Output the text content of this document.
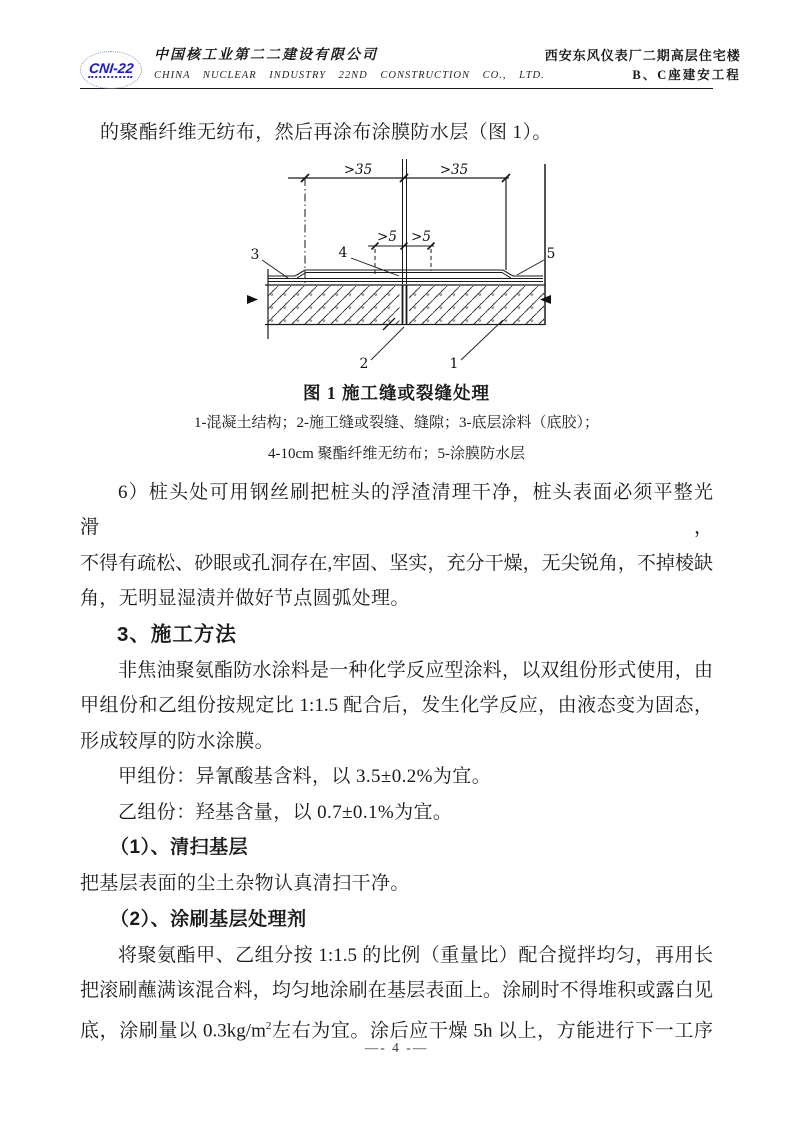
CNI-22
中国核工业第二二建设有限公司
CHINA NUCLEAR INDUSTRY 22ND CONSTRUCTION CO., LTD.
西安东风仪表厂二期高层住宅楼
B、C座建安工程
的聚酯纤维无纺布，然后再涂布涂膜防水层（图 1）。
>35	>35
>5 >5
3	4	5
2	1
图 1 施工缝或裂缝处理
1-混凝土结构；2-施工缝或裂缝、缝隙；3-底层涂料（底胶）；
4-10cm 聚酯纤维无纺布；5-涂膜防水层
6）桩头处可用钢丝刷把桩头的浮渣清理干净，桩头表面必须平整光滑，
不得有疏松、砂眼或孔洞存在,牢固、坚实，充分干燥，无尖锐角，不掉棱缺
角，无明显湿渍并做好节点圆弧处理。
3、施工方法
非焦油聚氨酯防水涂料是一种化学反应型涂料，以双组份形式使用，由
甲组份和乙组份按规定比 1:1.5 配合后，发生化学反应，由液态变为固态，
形成较厚的防水涂膜。
甲组份：异氰酸基含料，以 3.5±0.2%为宜。
乙组份：羟基含量，以 0.7±0.1%为宜。
（1）、清扫基层
把基层表面的尘土杂物认真清扫干净。
（2）、涂刷基层处理剂
将聚氨酯甲、乙组分按 1:1.5 的比例（重量比）配合搅拌均匀，再用长
把滚刷蘸满该混合料，均匀地涂刷在基层表面上。涂刷时不得堆积或露白见
底，涂刷量以 $0.3kg/m^2$左右为宜。涂后应干燥 5h 以上，方能进行下一工序
—- 4 -—
